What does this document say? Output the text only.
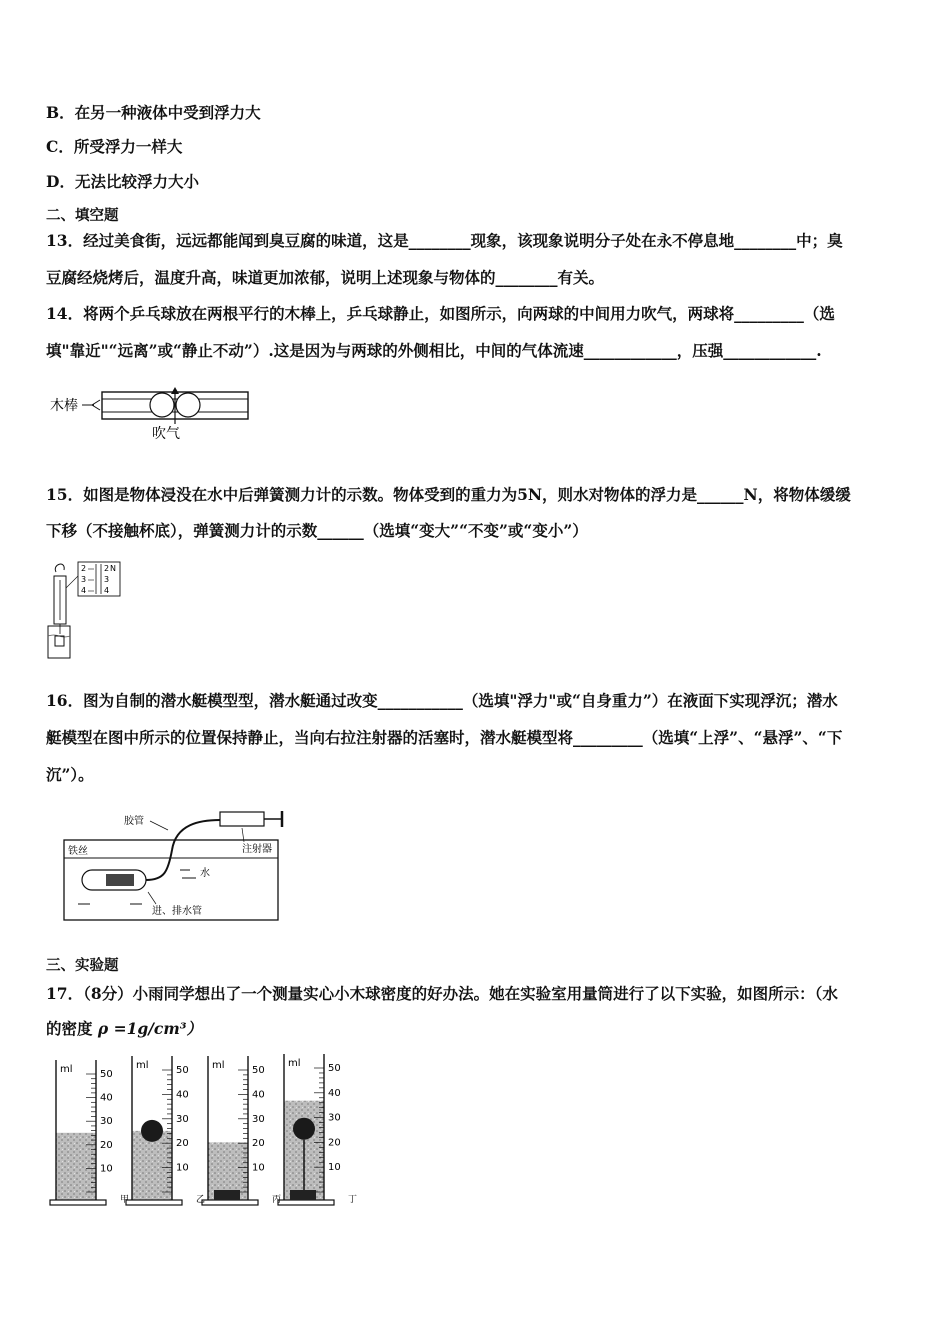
B．在另一种液体中受到浮力大
C．所受浮力一样大
D．无法比较浮力大小
二、填空题
13．经过美食街，远远都能闻到臭豆腐的味道，这是________现象，该现象说明分子处在永不停息地________中；臭
豆腐经烧烤后，温度升高，味道更加浓郁，说明上述现象与物体的________有关。
14．将两个乒乓球放在两根平行的木棒上，乒乓球静止，如图所示，向两球的中间用力吹气，两球将_________（选
填"靠近"“远离”或“静止不动”）.这是因为与两球的外侧相比，中间的气体流速____________，压强____________.
木棒
吹气
15．如图是物体浸没在水中后弹簧测力计的示数。物体受到的重力为5N，则水对物体的浮力是______N，将物体缓缓
下移（不接触杯底），弹簧测力计的示数______（选填“变大”“不变”或“变小”）
2
3
4
2 N
3
4
16．图为自制的潜水艇模型型，潜水艇通过改变___________（选填"浮力"或“自身重力”）在液面下实现浮沉；潜水
艇模型在图中所示的位置保持静止，当向右拉注射器的活塞时，潜水艇模型将_________（选填“上浮”、“悬浮”、“下
沉”）。
铁丝
胶管
注射器
水
进、排水管
三、实验题
17．（8分）小雨同学想出了一个测量实心小木球密度的好办法。她在实验室用量筒进行了以下实验，如图所示：（水
的密度 ρ =1g/cm³）
ml	50
40
30
20
10
甲
ml	50
40
30
20
10
乙
ml	50
40
30
20
10
丙
ml	50
40
30
20
10
丁
